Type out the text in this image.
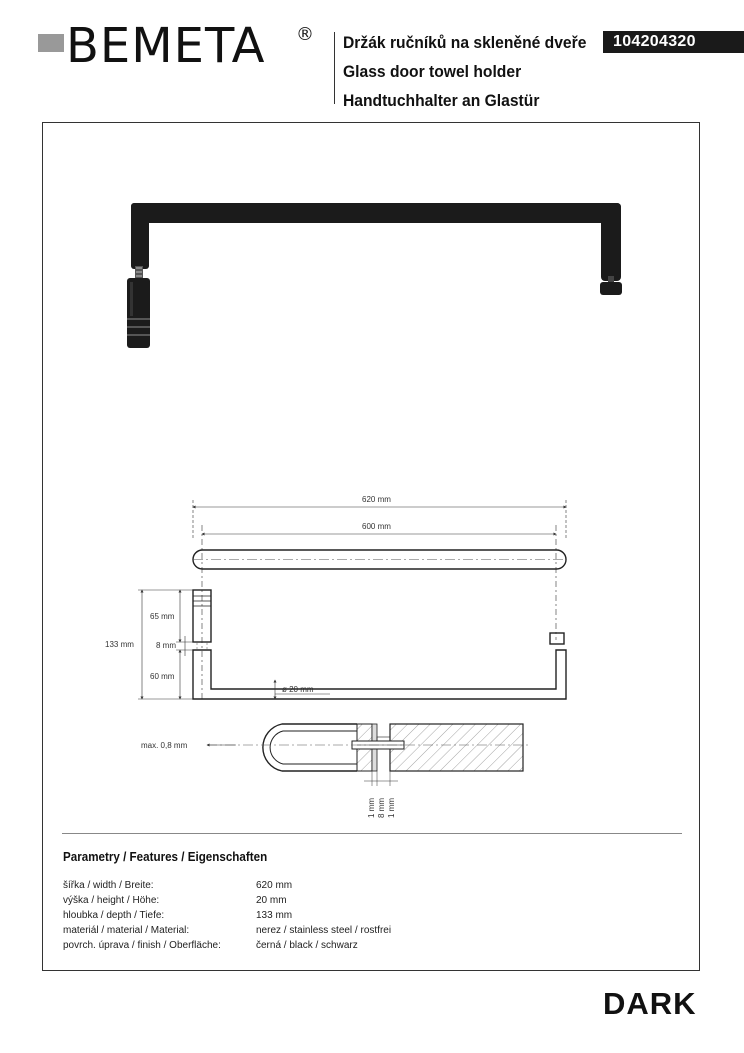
BEMETA ® Držák ručníků na skleněné dveře
Glass door towel holder
Handtuchhalter an Glastür
104204320
620 mm
600 mm
65 mm
8 mm
133 mm
60 mm
ø 20 mm
max. 0,8 mm
1 mm 8 mm 1 mm
Parametry / Features / Eigenschaften
šířka / width / Breite:	620 mm
výška / height / Höhe:	20 mm
hloubka / depth / Tiefe:	133 mm
materiál / material / Material:	nerez / stainless steel / rostfrei
povrch. úprava / finish / Oberfläche:	černá / black / schwarz
DARK
